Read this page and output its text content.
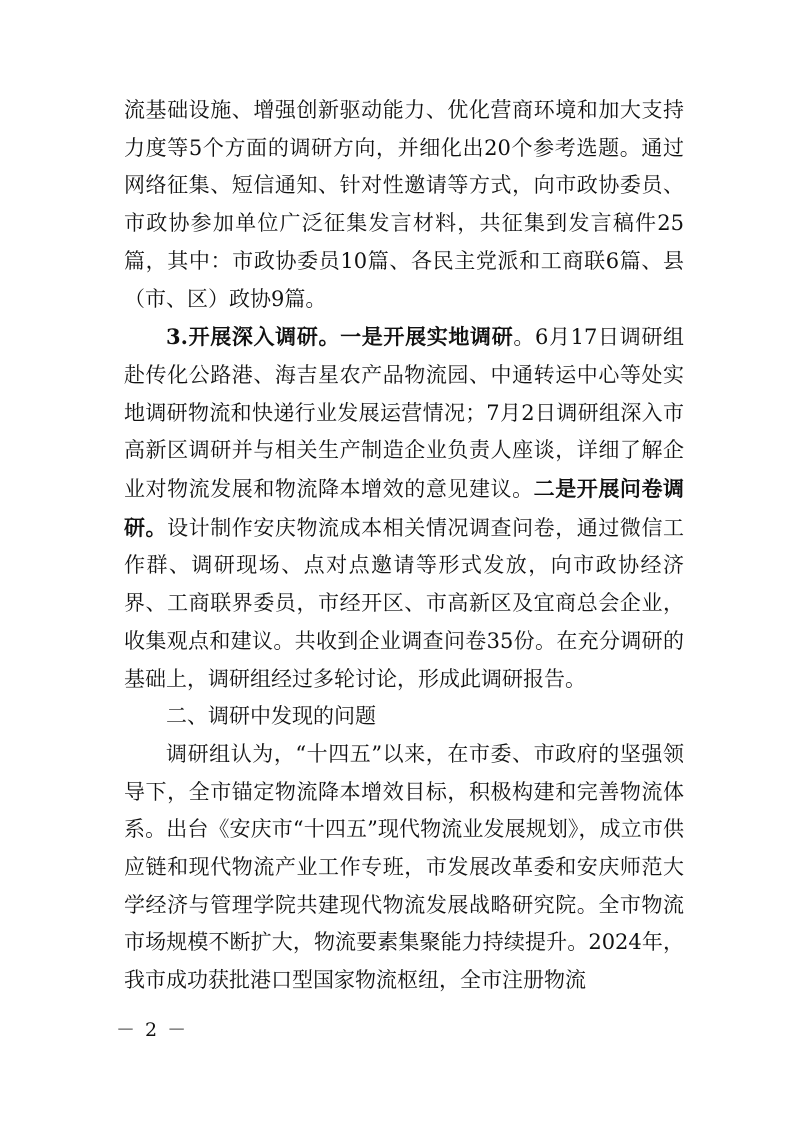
流基础设施、增强创新驱动能力、优化营商环境和加大支持力度等5个方面的调研方向，并细化出20个参考选题。通过网络征集、短信通知、针对性邀请等方式，向市政协委员、市政协参加单位广泛征集发言材料，共征集到发言稿件25篇，其中：市政协委员10篇、各民主党派和工商联6篇、县（市、区）政协9篇。

3.开展深入调研。一是开展实地调研。6月17日调研组赴传化公路港、海吉星农产品物流园、中通转运中心等处实地调研物流和快递行业发展运营情况；7月2日调研组深入市高新区调研并与相关生产制造企业负责人座谈，详细了解企业对物流发展和物流降本增效的意见建议。二是开展问卷调研。设计制作安庆物流成本相关情况调查问卷，通过微信工作群、调研现场、点对点邀请等形式发放，向市政协经济界、工商联界委员，市经开区、市高新区及宜商总会企业，收集观点和建议。共收到企业调查问卷35份。在充分调研的基础上，调研组经过多轮讨论，形成此调研报告。

二、调研中发现的问题

调研组认为，“十四五”以来，在市委、市政府的坚强领导下，全市锚定物流降本增效目标，积极构建和完善物流体系。出台《安庆市“十四五”现代物流业发展规划》，成立市供应链和现代物流产业工作专班，市发展改革委和安庆师范大学经济与管理学院共建现代物流发展战略研究院。全市物流市场规模不断扩大，物流要素集聚能力持续提升。2024年，我市成功获批港口型国家物流枢纽，全市注册物流

－ 2 －
